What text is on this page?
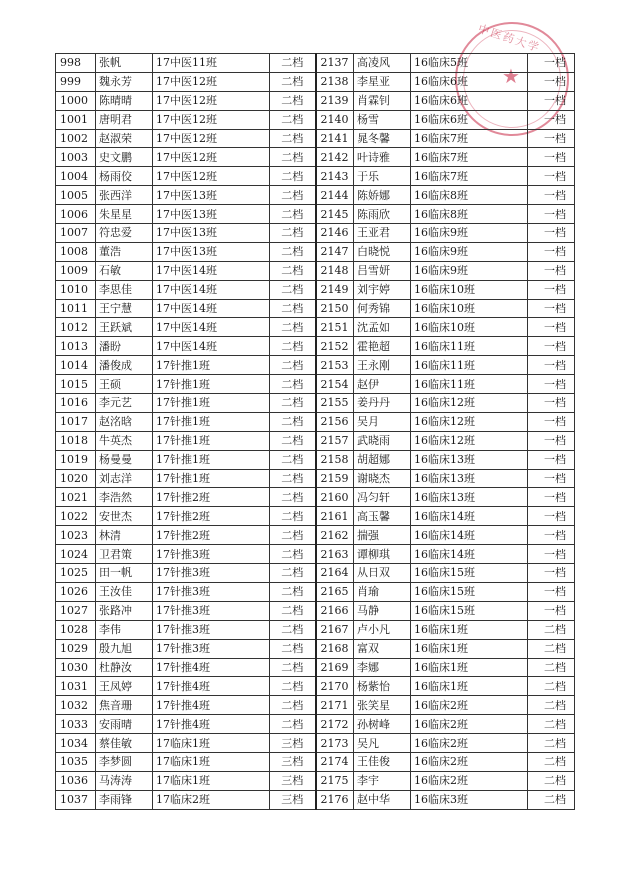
中医药大学
★
998	张帆	17中医11班	二档	2137	高凌风	16临床5班	一档
999	魏永芳	17中医12班	二档	2138	李星亚	16临床6班	一档
1000	陈晴晴	17中医12班	二档	2139	肖霖钊	16临床6班	一档
1001	唐明君	17中医12班	二档	2140	杨雪	16临床6班	一档
1002	赵淑荣	17中医12班	二档	2141	晁冬馨	16临床7班	一档
1003	史文鹏	17中医12班	二档	2142	叶诗雅	16临床7班	一档
1004	杨雨佼	17中医12班	二档	2143	于乐	16临床7班	一档
1005	张西洋	17中医13班	二档	2144	陈娇娜	16临床8班	一档
1006	朱星星	17中医13班	二档	2145	陈雨欣	16临床8班	一档
1007	符忠爱	17中医13班	二档	2146	王亚君	16临床9班	一档
1008	董浩	17中医13班	二档	2147	白晓悦	16临床9班	一档
1009	石敏	17中医14班	二档	2148	吕雪妍	16临床9班	一档
1010	李思佳	17中医14班	二档	2149	刘宇婷	16临床10班	一档
1011	王宁慧	17中医14班	二档	2150	何秀锦	16临床10班	一档
1012	王跃斌	17中医14班	二档	2151	沈孟如	16临床10班	一档
1013	潘盼	17中医14班	二档	2152	霍艳超	16临床11班	一档
1014	潘俊成	17针推1班	二档	2153	王永刚	16临床11班	一档
1015	王硕	17针推1班	二档	2154	赵伊	16临床11班	一档
1016	李元艺	17针推1班	二档	2155	姜丹丹	16临床12班	一档
1017	赵洺晗	17针推1班	二档	2156	吴月	16临床12班	一档
1018	牛英杰	17针推1班	二档	2157	武晓雨	16临床12班	一档
1019	杨曼曼	17针推1班	二档	2158	胡超娜	16临床13班	一档
1020	刘志洋	17针推1班	二档	2159	谢晓杰	16临床13班	一档
1021	李浩然	17针推2班	二档	2160	冯匀轩	16临床13班	一档
1022	安世杰	17针推2班	二档	2161	高玉馨	16临床14班	一档
1023	林清	17针推2班	二档	2162	揣强	16临床14班	一档
1024	卫君策	17针推3班	二档	2163	谭柳琪	16临床14班	一档
1025	田一帆	17针推3班	二档	2164	从日双	16临床15班	一档
1026	王汝佳	17针推3班	二档	2165	肖瑜	16临床15班	一档
1027	张路冲	17针推3班	二档	2166	马静	16临床15班	一档
1028	李伟	17针推3班	二档	2167	卢小凡	16临床1班	二档
1029	殷九旭	17针推3班	二档	2168	富双	16临床1班	二档
1030	杜静汝	17针推4班	二档	2169	李娜	16临床1班	二档
1031	王凤婷	17针推4班	二档	2170	杨紫怡	16临床1班	二档
1032	焦音珊	17针推4班	二档	2171	张笑星	16临床2班	二档
1033	安雨晴	17针推4班	二档	2172	孙树峰	16临床2班	二档
1034	蔡佳敏	17临床1班	三档	2173	吴凡	16临床2班	二档
1035	李梦圆	17临床1班	三档	2174	王佳俊	16临床2班	二档
1036	马涛涛	17临床1班	三档	2175	李宇	16临床2班	二档
1037	李雨锋	17临床2班	三档	2176	赵中华	16临床3班	二档
